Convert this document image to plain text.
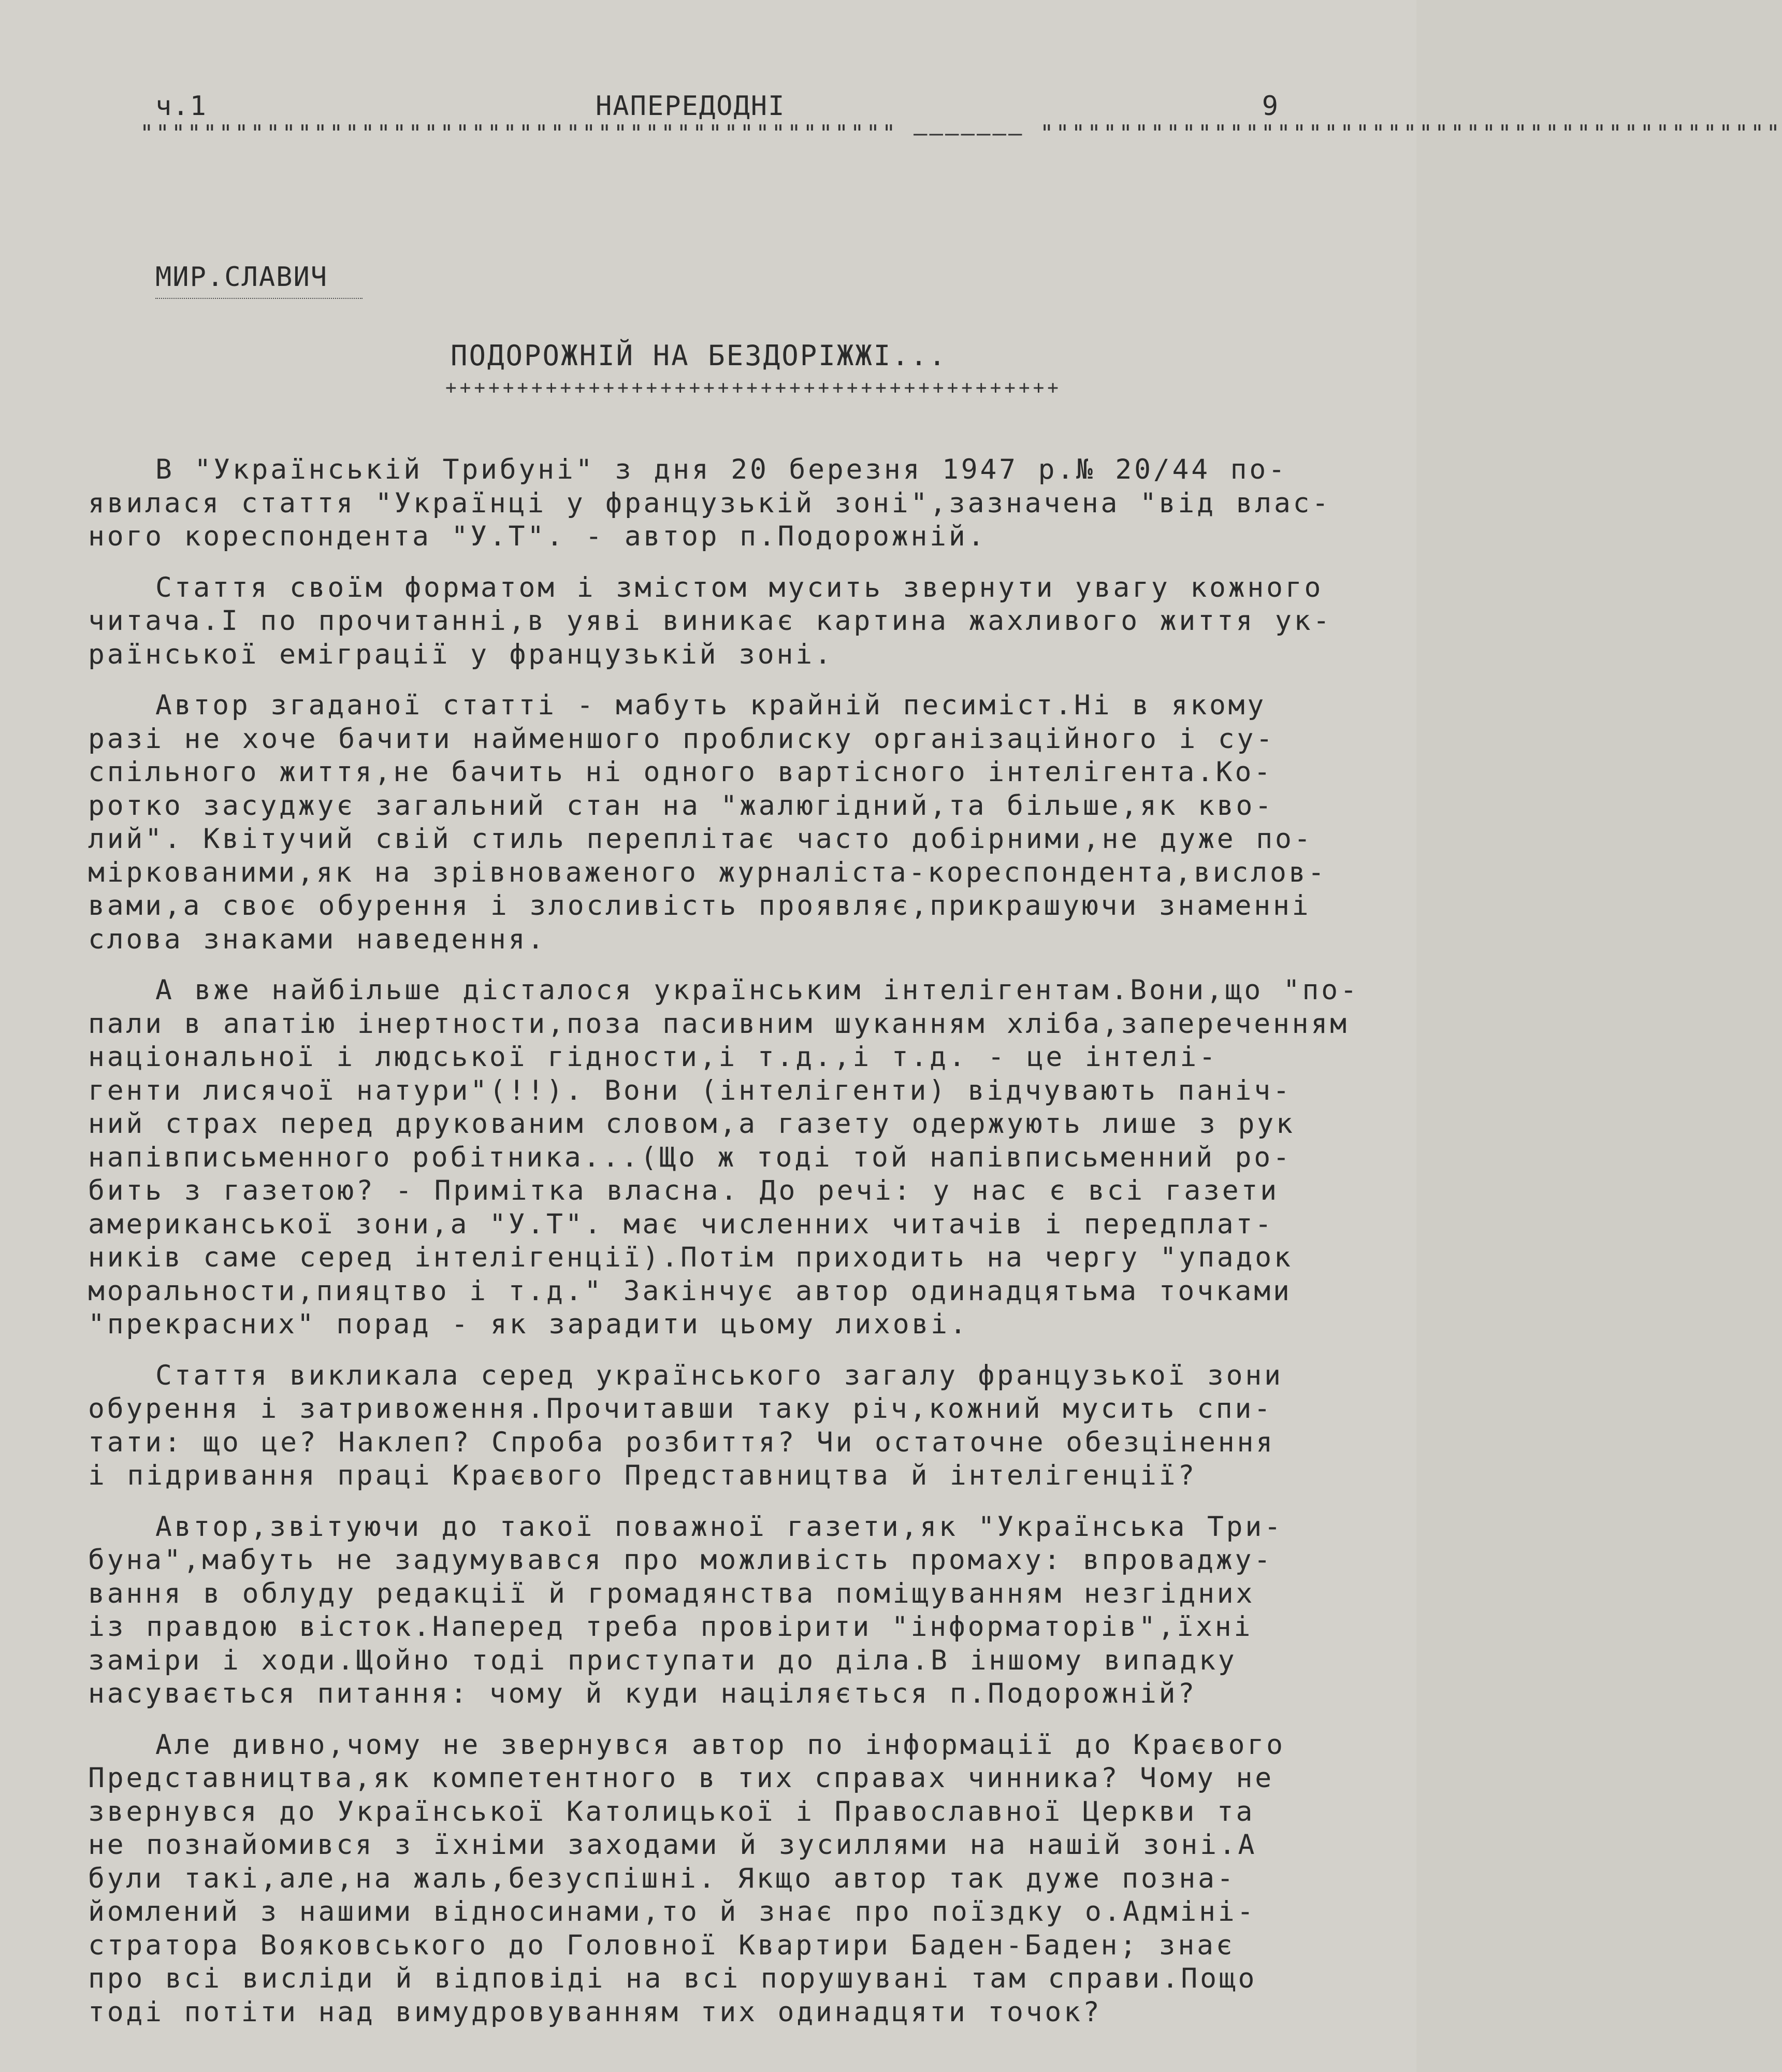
ч.1	НАПЕРЕДОДНІ	9
"""""""""""""""""""""""""""""""""""""""""""""""" ——————— """""""""""""""""""""""""""""""""""""""""""""""
МИР.СЛАВИЧ
ПОДОРОЖНІЙ НА БЕЗДОРІЖЖІ...
+++++++++++++++++++++++++++++++++++++++++++
В "Українській Трибуні" з дня 20 березня 1947 р.№ 20/44 по-
явилася стаття "Українці у французькій зоні",зазначена "від влас-
ного кореспондента "У.Т". - автор п.Подорожній.
Стаття своїм форматом і змістом мусить звернути увагу кожного
читача.І по прочитанні,в уяві виникає картина жахливого життя ук-
раїнської еміграції у французькій зоні.
Автор згаданої статті - мабуть крайній песиміст.Ні в якому
разі не хоче бачити найменшого проблиску організаційного і су-
спільного життя,не бачить ні одного вартісного інтелігента.Ко-
ротко засуджує загальний стан на "жалюгідний,та більше,як кво-
лий". Квітучий свій стиль переплітає часто добірними,не дуже по-
міркованими,як на зрівноваженого журналіста-кореспондента,вислов-
вами,а своє обурення і злосливість проявляє,прикрашуючи знаменні
слова знаками наведення.
А вже найбільше дісталося українським інтелігентам.Вони,що "по-
пали в апатію інертности,поза пасивним шуканням хліба,запереченням
національної і людської гідности,і т.д.,і т.д. - це інтелі-
генти лисячої натури"(!!). Вони (інтелігенти) відчувають паніч-
ний страх перед друкованим словом,а газету одержують лише з рук
напівписьменного робітника...(Що ж тоді той напівписьменний ро-
бить з газетою? - Примітка власна. До речі: у нас є всі газети
американської зони,а "У.Т". має численних читачів і передплат-
ників саме серед інтелігенції).Потім приходить на чергу "упадок
моральности,пияцтво і т.д." Закінчує автор одинадцятьма точками
"прекрасних" порад - як зарадити цьому лихові.
Стаття викликала серед українського загалу французької зони
обурення і затривоження.Прочитавши таку річ,кожний мусить спи-
тати: що це? Наклеп? Спроба розбиття? Чи остаточне обезцінення
і підривання праці Краєвого Представництва й інтелігенції?
Автор,звітуючи до такої поважної газети,як "Українська Три-
буна",мабуть не задумувався про можливість промаху: впроваджу-
вання в облуду редакції й громадянства поміщуванням незгідних
із правдою вісток.Наперед треба провірити "інформаторів",їхні
заміри і ходи.Щойно тоді приступати до діла.В іншому випадку
насувається питання: чому й куди націляється п.Подорожній?
Але дивно,чому не звернувся автор по інформації до Краєвого
Представництва,як компетентного в тих справах чинника? Чому не
звернувся до Української Католицької і Православної Церкви та
не познайомився з їхніми заходами й зусиллями на нашій зоні.А
були такі,але,на жаль,безуспішні. Якщо автор так дуже позна-
йомлений з нашими відносинами,то й знає про поїздку о.Адміні-
стратора Вояковського до Головної Квартири Баден-Баден; знає
про всі вислiди й відповіді на всі порушувані там справи.Пощо
тоді потіти над вимудровуванням тих одинадцяти точок?
